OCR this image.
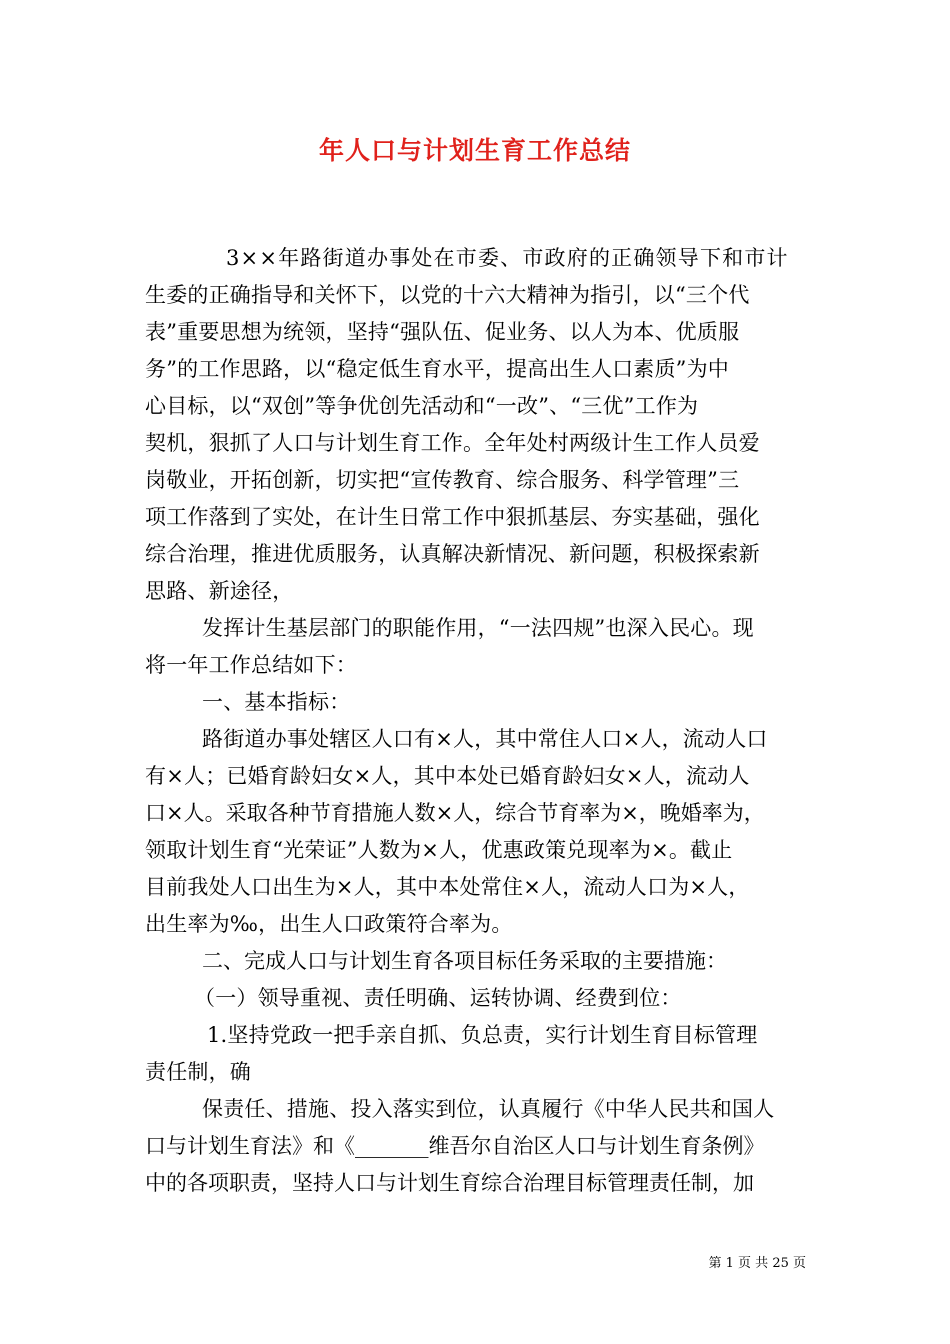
年人口与计划生育工作总结
3××年路街道办事处在市委、市政府的正确领导下和市计
生委的正确指导和关怀下，以党的十六大精神为指引，以“三个代
表”重要思想为统领，坚持“强队伍、促业务、以人为本、优质服
务”的工作思路，以“稳定低生育水平，提高出生人口素质”为中
心目标，以“双创”等争优创先活动和“一改”、“三优”工作为
契机，狠抓了人口与计划生育工作。全年处村两级计生工作人员爱
岗敬业，开拓创新，切实把“宣传教育、综合服务、科学管理”三
项工作落到了实处，在计生日常工作中狠抓基层、夯实基础，强化
综合治理，推进优质服务，认真解决新情况、新问题，积极探索新
思路、新途径，
发挥计生基层部门的职能作用，“一法四规”也深入民心。现
将一年工作总结如下：
一、基本指标：
路街道办事处辖区人口有×人，其中常住人口×人，流动人口
有×人；已婚育龄妇女×人，其中本处已婚育龄妇女×人，流动人
口×人。采取各种节育措施人数×人，综合节育率为×，晚婚率为，
领取计划生育“光荣证”人数为×人，优惠政策兑现率为×。截止
目前我处人口出生为×人，其中本处常住×人，流动人口为×人，
出生率为‰，出生人口政策符合率为。
二、完成人口与计划生育各项目标任务采取的主要措施：
（一）领导重视、责任明确、运转协调、经费到位：
1.坚持党政一把手亲自抓、负总责，实行计划生育目标管理
责任制，确
保责任、措施、投入落实到位，认真履行《中华人民共和国人
口与计划生育法》和《_______维吾尔自治区人口与计划生育条例》
中的各项职责，坚持人口与计划生育综合治理目标管理责任制，加
第 1 页 共 25 页
